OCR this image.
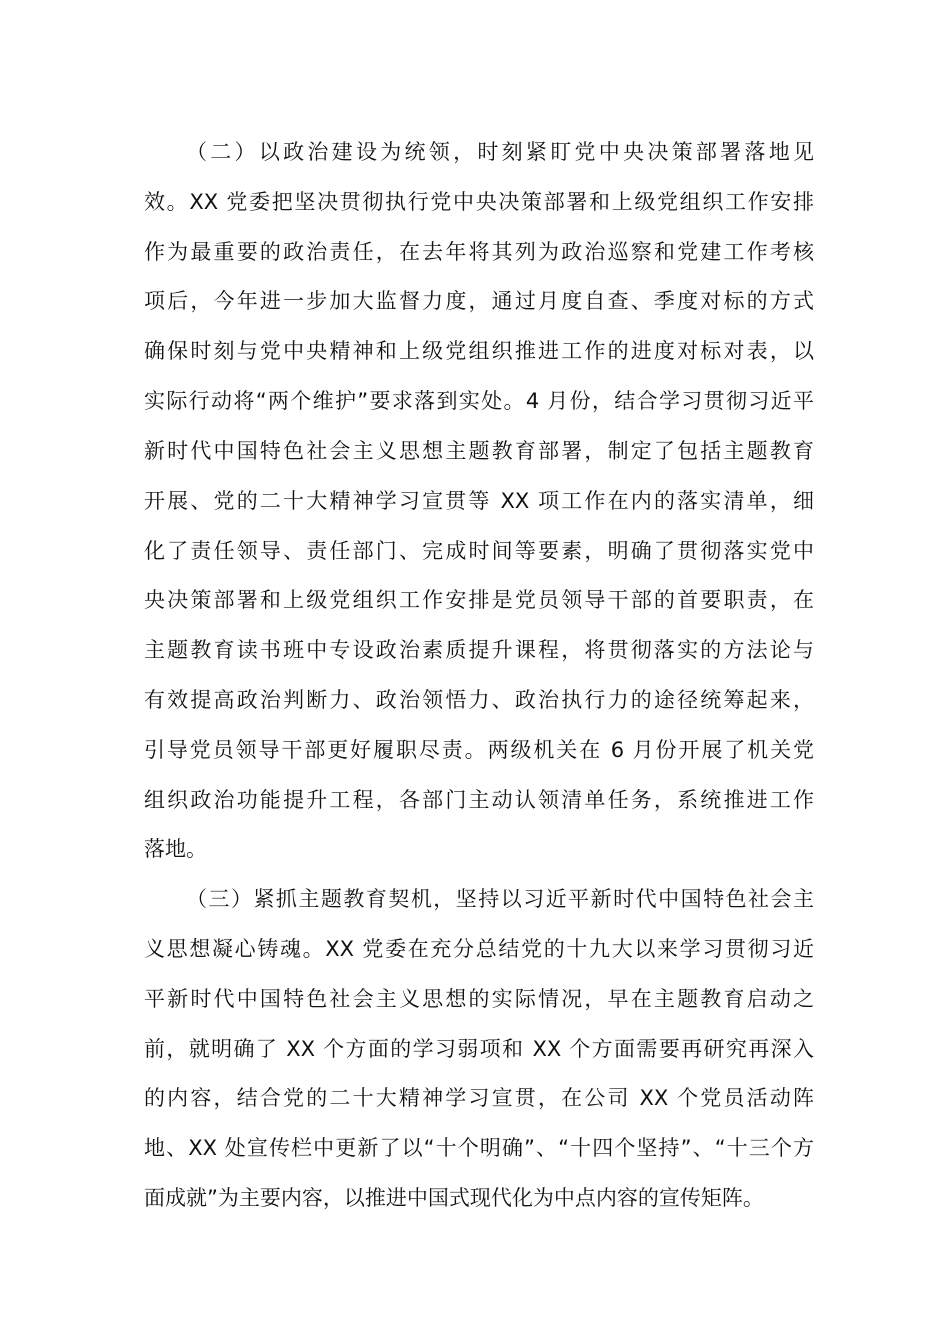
（二）以政治建设为统领，时刻紧盯党中央决策部署落地见
效。XX 党委把坚决贯彻执行党中央决策部署和上级党组织工作安排
作为最重要的政治责任，在去年将其列为政治巡察和党建工作考核
项后，今年进一步加大监督力度，通过月度自查、季度对标的方式
确保时刻与党中央精神和上级党组织推进工作的进度对标对表，以
实际行动将“两个维护”要求落到实处。4 月份，结合学习贯彻习近平
新时代中国特色社会主义思想主题教育部署，制定了包括主题教育
开展、党的二十大精神学习宣贯等 XX 项工作在内的落实清单，细
化了责任领导、责任部门、完成时间等要素，明确了贯彻落实党中
央决策部署和上级党组织工作安排是党员领导干部的首要职责，在
主题教育读书班中专设政治素质提升课程，将贯彻落实的方法论与
有效提高政治判断力、政治领悟力、政治执行力的途径统筹起来，
引导党员领导干部更好履职尽责。两级机关在 6 月份开展了机关党
组织政治功能提升工程，各部门主动认领清单任务，系统推进工作
落地。
（三）紧抓主题教育契机，坚持以习近平新时代中国特色社会主
义思想凝心铸魂。XX 党委在充分总结党的十九大以来学习贯彻习近
平新时代中国特色社会主义思想的实际情况，早在主题教育启动之
前，就明确了 XX 个方面的学习弱项和 XX 个方面需要再研究再深入
的内容，结合党的二十大精神学习宣贯，在公司 XX 个党员活动阵
地、XX 处宣传栏中更新了以“十个明确”、“十四个坚持”、“十三个方
面成就”为主要内容，以推进中国式现代化为中点内容的宣传矩阵。
